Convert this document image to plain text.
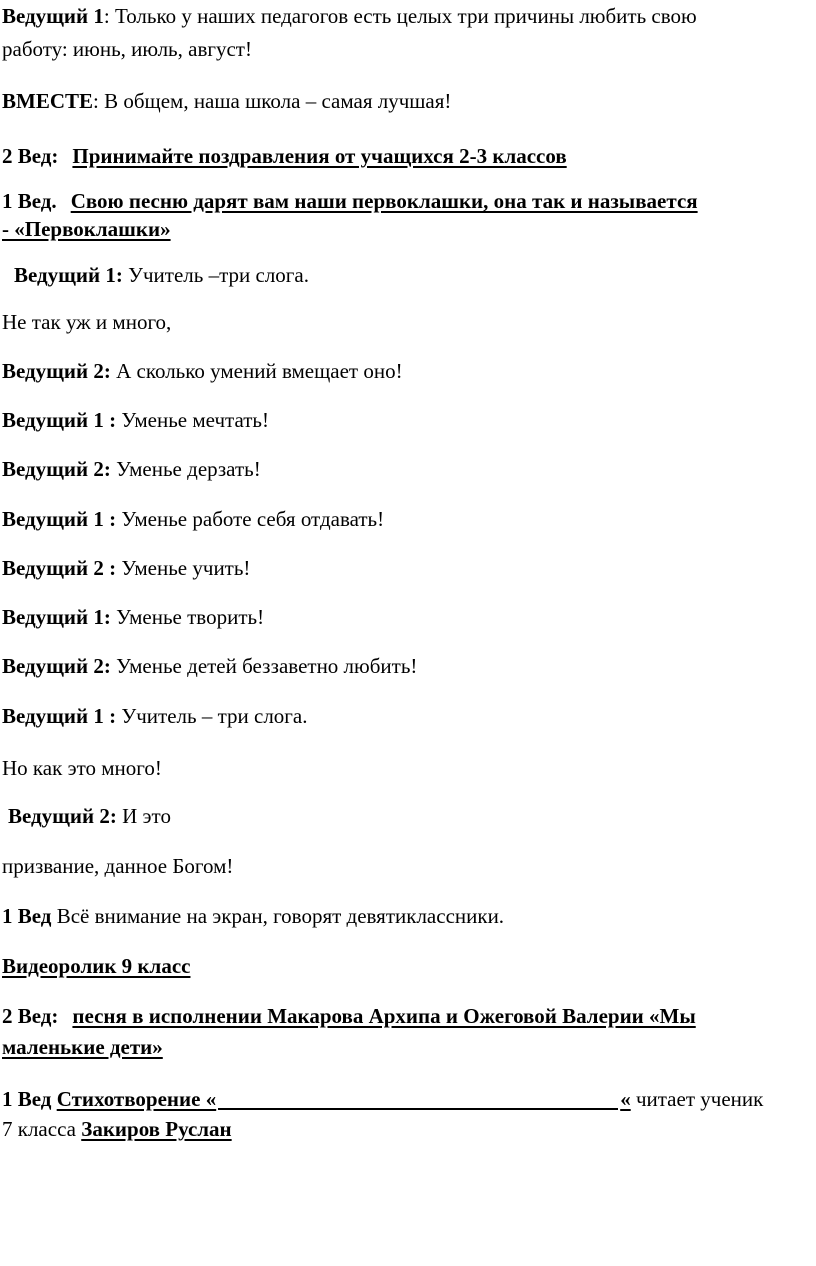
Ведущий 1: Только у наших педагогов есть целых три причины любить свою
работу: июнь, июль, август!
ВМЕСТЕ: В общем, наша школа – самая лучшая!
2 Вед: Принимайте поздравления от учащихся 2-3 классов
1 Вед. Свою песню дарят вам наши первоклашки, она так и называется
- «Первоклашки»
Ведущий 1: Учитель –три слога.
Не так уж и много,
Ведущий 2: А сколько умений вмещает оно!
Ведущий 1 : Уменье мечтать!
Ведущий 2: Уменье дерзать!
Ведущий 1 : Уменье работе себя отдавать!
Ведущий 2 : Уменье учить!
Ведущий 1: Уменье творить!
Ведущий 2: Уменье детей беззаветно любить!
Ведущий 1 : Учитель – три слога.
Но как это много!
Ведущий 2: И это
призвание, данное Богом!
1 Вед Всё внимание на экран, говорят девятиклассники.
Видеоролик 9 класс
2 Вед: песня в исполнении Макарова Архипа и Ожеговой Валерии «Мы
маленькие дети»
1 Вед Стихотворение «	« читает ученик
7 класса Закиров Руслан
